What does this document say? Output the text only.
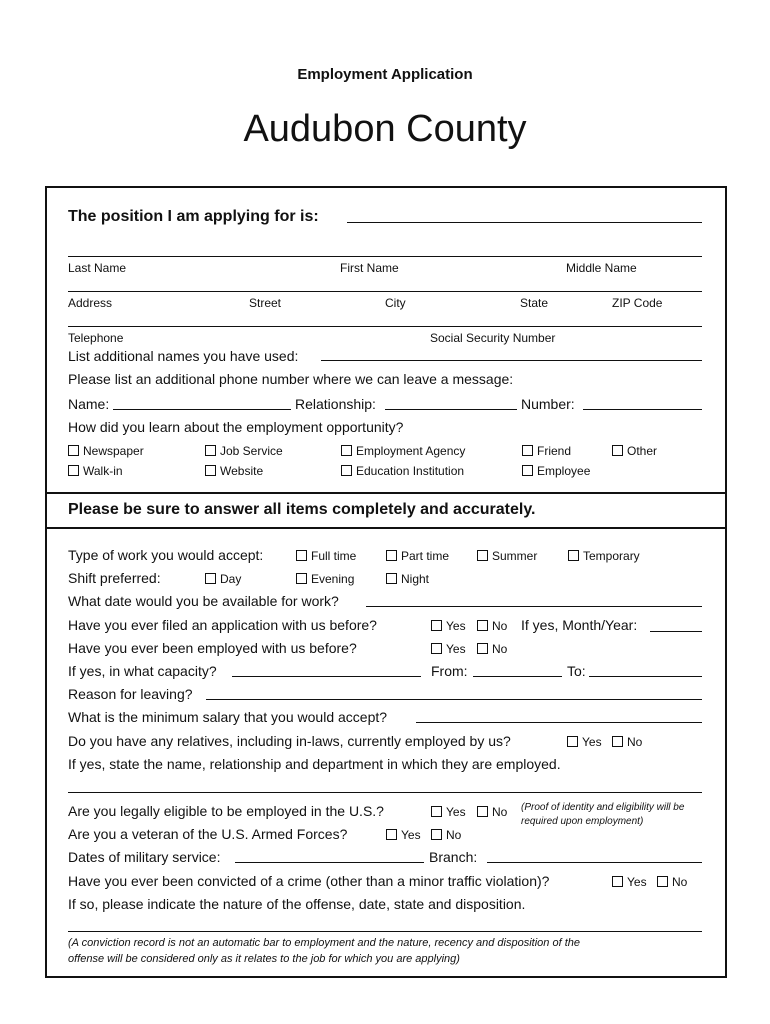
Employment Application
Audubon County
The position I am applying for is:
Last Name	First Name	Middle Name
Address	Street	City	State	ZIP Code
Telephone	Social Security Number
List additional names you have used:
Please list an additional phone number where we can leave a message:
Name:	Relationship:	Number:
How did you learn about the employment opportunity?
Newspaper	Job Service	Employment Agency	Friend	Other
Walk-in	Website	Education Institution	Employee
Please be sure to answer all items completely and accurately.
Type of work you would accept:	Full time	Part time	Summer	Temporary
Shift preferred:	Day	Evening	Night
What date would you be available for work?
Have you ever filed an application with us before?	Yes	No If yes, Month/Year:
Have you ever been employed with us before?	Yes	No
If yes, in what capacity?	From:	To:
Reason for leaving?
What is the minimum salary that you would accept?
Do you have any relatives, including in-laws, currently employed by us?	Yes	No
If yes, state the name, relationship and department in which they are employed.
Are you legally eligible to be employed in the U.S.?	Yes	No (Proof of identity and eligibility will be
required upon employment)
Are you a veteran of the U.S. Armed Forces?	Yes	No
Dates of military service:	Branch:
Have you ever been convicted of a crime (other than a minor traffic violation)?	Yes	No
If so, please indicate the nature of the offense, date, state and disposition.
(A conviction record is not an automatic bar to employment and the nature, recency and disposition of the
offense will be considered only as it relates to the job for which you are applying)
